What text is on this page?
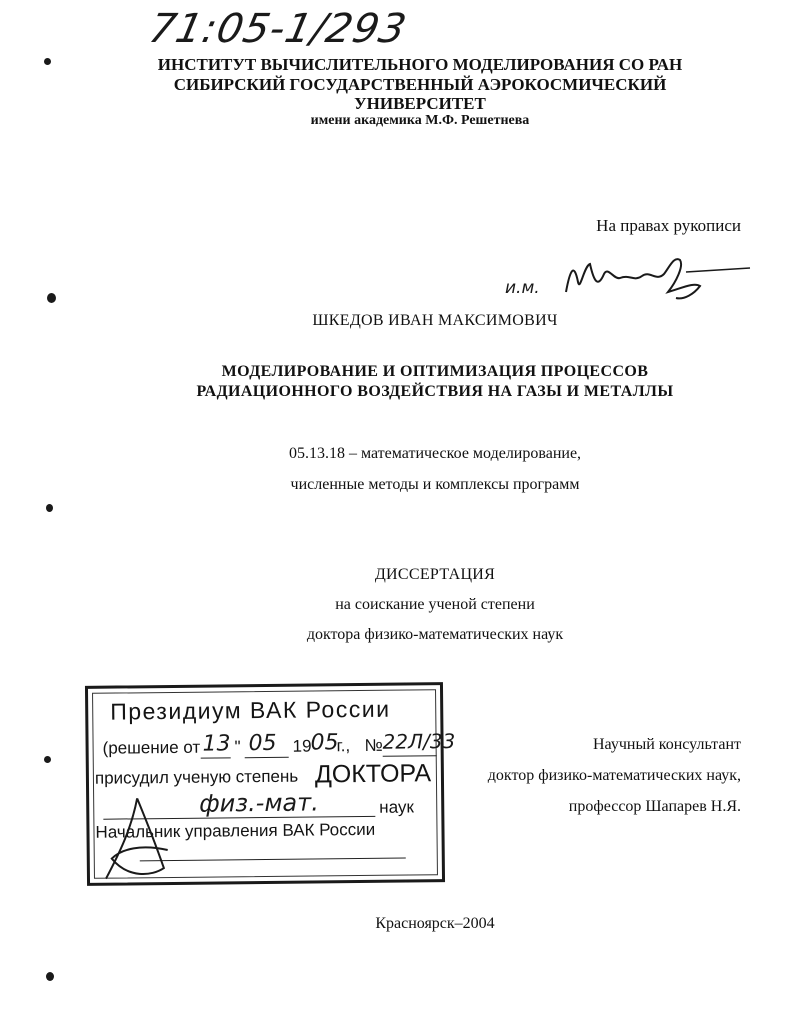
71:05-1/293
ИНСТИТУТ ВЫЧИСЛИТЕЛЬНОГО МОДЕЛИРОВАНИЯ СО РАН
СИБИРСКИЙ ГОСУДАРСТВЕННЫЙ АЭРОКОСМИЧЕСКИЙ
УНИВЕРСИТЕТ
имени академика М.Ф. Решетнева
На правах рукописи
и.м.
ШКЕДОВ ИВАН МАКСИМОВИЧ
МОДЕЛИРОВАНИЕ И ОПТИМИЗАЦИЯ ПРОЦЕССОВ
РАДИАЦИОННОГО ВОЗДЕЙСТВИЯ НА ГАЗЫ И МЕТАЛЛЫ
05.13.18 – математическое моделирование,
численные методы и комплексы программ
ДИССЕРТАЦИЯ
на соискание ученой степени
доктора физико-математических наук
Президиум ВАК России
(решение от 13 " 05 19
05
г., № 22Л/33
присудил ученую степень ДОКТОРА
физ.-мат.	наук
Начальник управления ВАК России
Научный консультант
доктор физико-математических наук,
профессор Шапарев Н.Я.
Красноярск–2004
